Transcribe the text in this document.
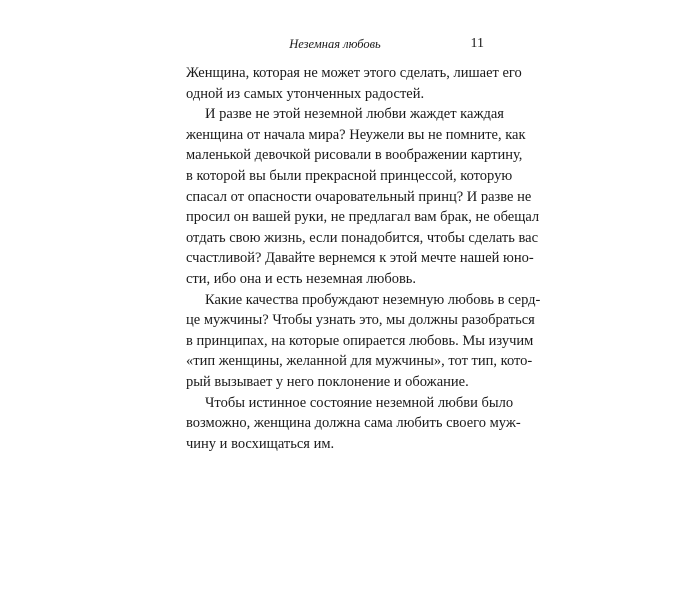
Неземная любовь	11
Женщина, которая не может этого сделать, лишает его
одной из самых утонченных радостей.
И разве не этой неземной любви жаждет каждая
женщина от начала мира? Неужели вы не помните, как
маленькой девочкой рисовали в воображении картину,
в которой вы были прекрасной принцессой, которую
спасал от опасности очаровательный принц? И разве не
просил он вашей руки, не предлагал вам брак, не обещал
отдать свою жизнь, если понадобится, чтобы сделать вас
счастливой? Давайте вернемся к этой мечте нашей юно-
сти, ибо она и есть неземная любовь.
Какие качества пробуждают неземную любовь в серд-
це мужчины? Чтобы узнать это, мы должны разобраться
в принципах, на которые опирается любовь. Мы изучим
«тип женщины, желанной для мужчины», тот тип, кото-
рый вызывает у него поклонение и обожание.
Чтобы истинное состояние неземной любви было
возможно, женщина должна сама любить своего муж-
чину и восхищаться им.
